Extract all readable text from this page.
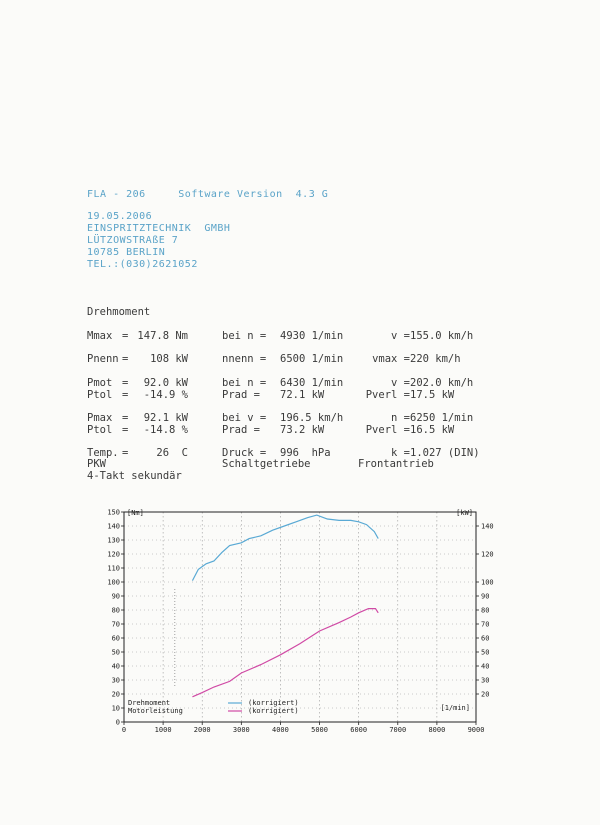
FLA - 206     Software Version  4.3 G
19.05.2006
EINSPRITZTECHNIK  GMBH
LÜTZOWSTRAßE 7
10785 BERLIN
TEL.:(030)2621052
Drehmoment
Mmax = 147.8 Nm	bei n =	4930 1/min	v = 155.0 km/h
Pnenn =	108 kW	nnenn =	6500 1/min	vmax = 220 km/h
Pmot =	92.0 kW	bei n =	6430 1/min	v = 202.0 km/h
Ptol =	-14.9 %	Prad =	72.1 kW	Pverl = 17.5 kW
Pmax =	92.1 kW	bei v =	196.5 km/h	n = 6250 1/min
Ptol =	-14.8 %	Prad =	73.2 kW	Pverl = 16.5 kW
Temp. =	26  C	Druck =	996  hPa	k = 1.027 (DIN)
PKW	Schaltgetriebe	Frontantrieb
4-Takt sekundär
0
10
20
30
40
50
60
70
80
90
100
110
120
130
140
150
20
30
40
50
60
70
80
90
100
120
140
0	1000	2000	3000	4000	5000	6000	7000	8000	9000
[Nm]	[kW]
[1/min]
Drehmoment
Motorleistung
(korrigiert)
(korrigiert)
